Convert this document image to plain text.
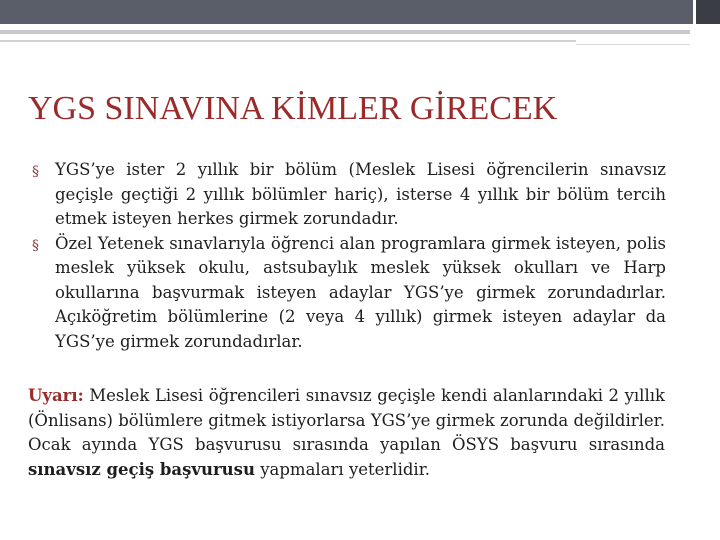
YGS SINAVINA KİMLER GİRECEK
§ YGS’ye ister 2 yıllık bir bölüm (Meslek Lisesi öğrencilerin sınavsız geçişle geçtiği 2 yıllık bölümler hariç), isterse 4 yıllık bir bölüm tercih etmek isteyen herkes girmek zorundadır.
§ Özel Yetenek sınavlarıyla öğrenci alan programlara girmek isteyen, polis meslek yüksek okulu, astsubaylık meslek yüksek okulları ve Harp okullarına başvurmak isteyen adaylar YGS’ye girmek zorundadırlar. Açıköğretim bölümlerine (2 veya 4 yıllık) girmek isteyen adaylar da YGS’ye girmek zorundadırlar.

Uyarı: Meslek Lisesi öğrencileri sınavsız geçişle kendi alanlarındaki 2 yıllık (Önlisans) bölümlere gitmek istiyorlarsa YGS’ye girmek zorunda değildirler. Ocak ayında YGS başvurusu sırasında yapılan ÖSYS başvuru sırasında sınavsız geçiş başvurusu yapmaları yeterlidir.
